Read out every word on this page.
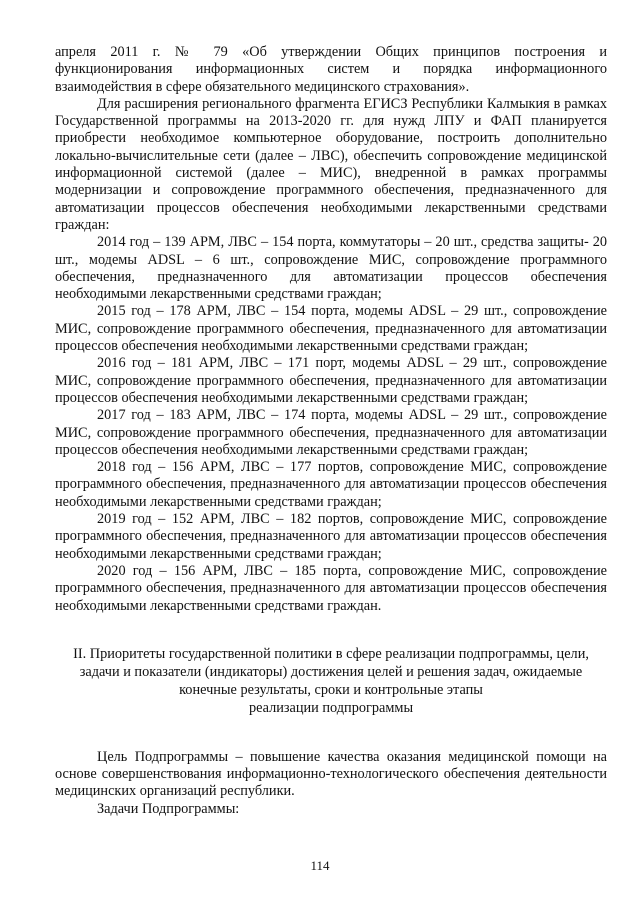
апреля 2011 г. № 79 «Об утверждении Общих принципов построения и функционирования информационных систем и порядка информационного взаимодействия в сфере обязательного медицинского страхования».

Для расширения регионального фрагмента ЕГИСЗ Республики Калмыкия в рамках Государственной программы на 2013-2020 гг. для нужд ЛПУ и ФАП планируется приобрести необходимое компьютерное оборудование, построить дополнительно локально-вычислительные сети (далее – ЛВС), обеспечить сопровождение медицинской информационной системой (далее – МИС), внедренной в рамках программы модернизации и сопровождение программного обеспечения, предназначенного для автоматизации процессов обеспечения необходимыми лекарственными средствами граждан:

2014 год – 139 АРМ, ЛВС – 154 порта, коммутаторы – 20 шт., средства защиты- 20 шт., модемы ADSL – 6 шт., сопровождение МИС, сопровождение программного обеспечения, предназначенного для автоматизации процессов обеспечения необходимыми лекарственными средствами граждан;

2015 год – 178 АРМ, ЛВС – 154 порта, модемы ADSL – 29 шт., сопровождение МИС, сопровождение программного обеспечения, предназначенного для автоматизации процессов обеспечения необходимыми лекарственными средствами граждан;

2016 год – 181 АРМ, ЛВС – 171 порт, модемы ADSL – 29 шт., сопровождение МИС, сопровождение программного обеспечения, предназначенного для автоматизации процессов обеспечения необходимыми лекарственными средствами граждан;

2017 год – 183 АРМ, ЛВС – 174 порта, модемы ADSL – 29 шт., сопровождение МИС, сопровождение программного обеспечения, предназначенного для автоматизации процессов обеспечения необходимыми лекарственными средствами граждан;

2018 год – 156 АРМ, ЛВС – 177 портов, сопровождение МИС, сопровождение программного обеспечения, предназначенного для автоматизации процессов обеспечения необходимыми лекарственными средствами граждан;

2019 год – 152 АРМ, ЛВС – 182 портов, сопровождение МИС, сопровождение программного обеспечения, предназначенного для автоматизации процессов обеспечения необходимыми лекарственными средствами граждан;

2020 год – 156 АРМ, ЛВС – 185 порта, сопровождение МИС, сопровождение программного обеспечения, предназначенного для автоматизации процессов обеспечения необходимыми лекарственными средствами граждан.

II. Приоритеты государственной политики в сфере реализации подпрограммы, цели,
задачи и показатели (индикаторы) достижения целей и решения задач, ожидаемые
конечные результаты, сроки и контрольные этапы
реализации подпрограммы

Цель Подпрограммы – повышение качества оказания медицинской помощи на основе совершенствования информационно-технологического обеспечения деятельности медицинских организаций республики.

Задачи Подпрограммы:

114
